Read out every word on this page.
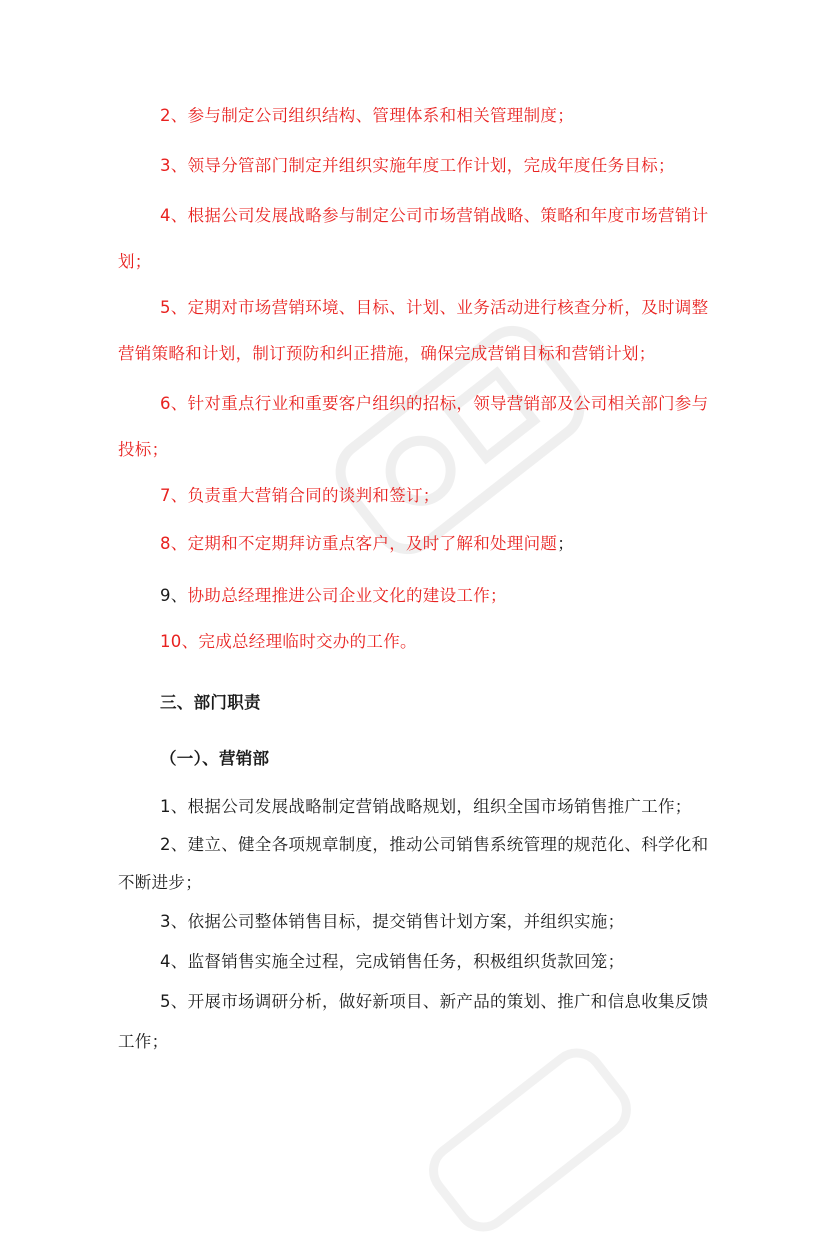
2、参与制定公司组织结构、管理体系和相关管理制度；
3、领导分管部门制定并组织实施年度工作计划，完成年度任务目标；
4、根据公司发展战略参与制定公司市场营销战略、策略和年度市场营销计
划；
5、定期对市场营销环境、目标、计划、业务活动进行核查分析，及时调整
营销策略和计划，制订预防和纠正措施，确保完成营销目标和营销计划；
6、针对重点行业和重要客户组织的招标，领导营销部及公司相关部门参与
投标；
7、负责重大营销合同的谈判和签订；
8、定期和不定期拜访重点客户，及时了解和处理问题；
9、协助总经理推进公司企业文化的建设工作；
10、完成总经理临时交办的工作。
三、部门职责
（一）、营销部
1、根据公司发展战略制定营销战略规划，组织全国市场销售推广工作；
2、建立、健全各项规章制度，推动公司销售系统管理的规范化、科学化和
不断进步；
3、依据公司整体销售目标，提交销售计划方案，并组织实施；
4、监督销售实施全过程，完成销售任务，积极组织货款回笼；
5、开展市场调研分析，做好新项目、新产品的策划、推广和信息收集反馈
工作；
